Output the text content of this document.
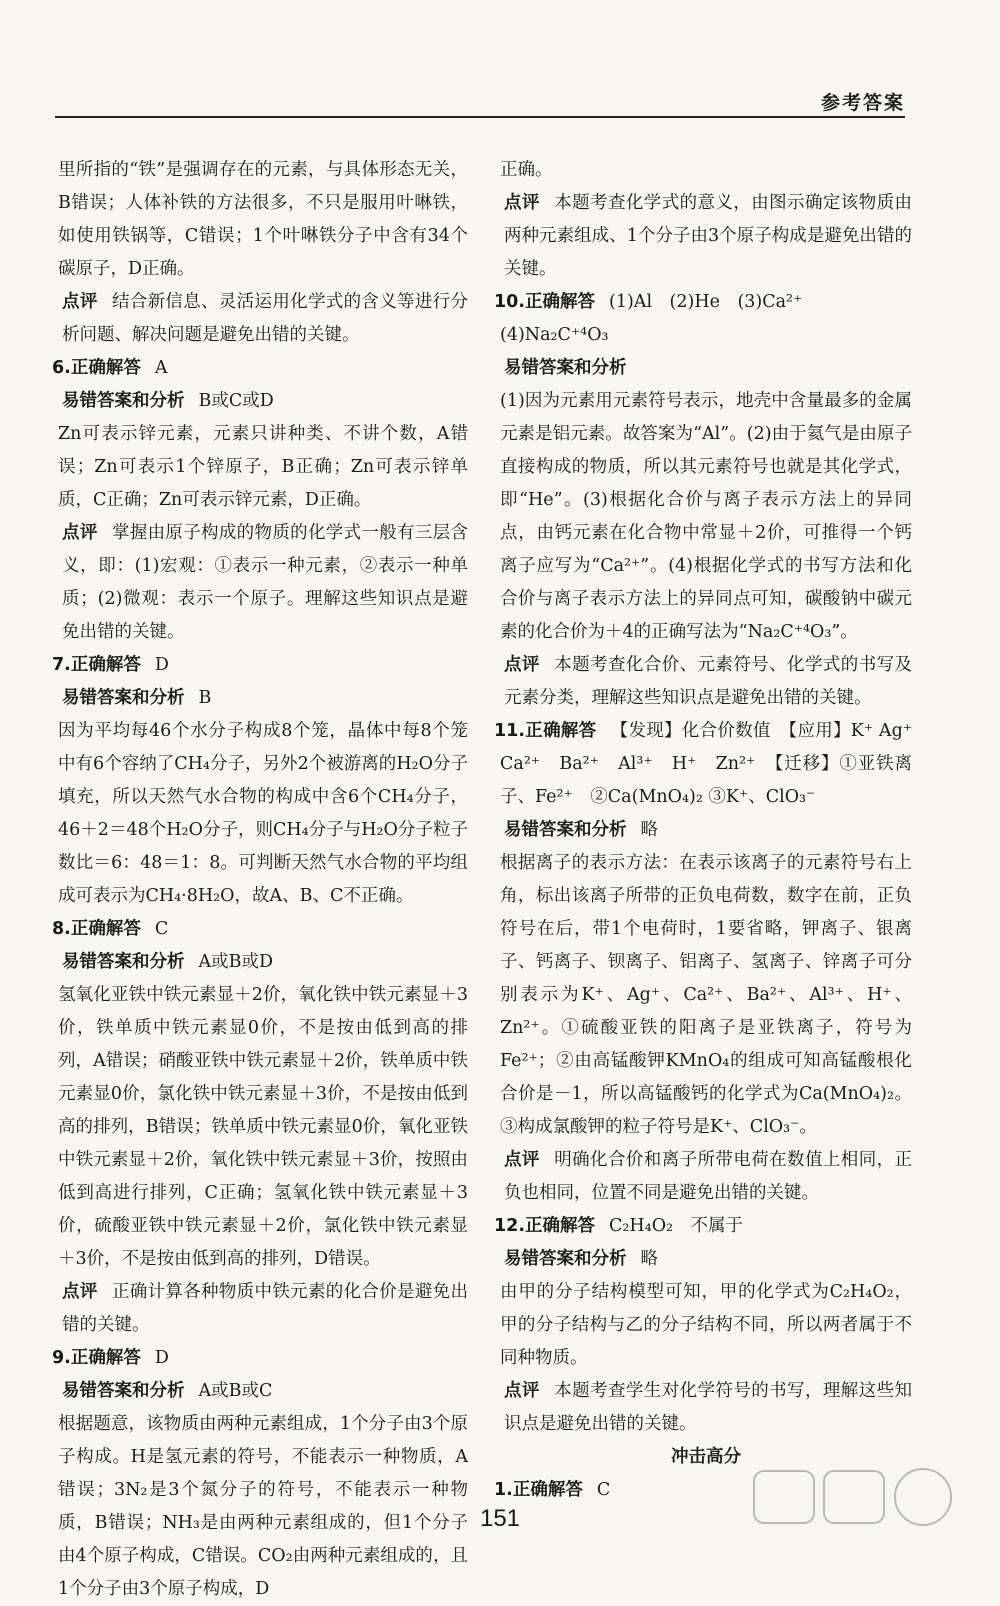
参考答案

里所指的“铁”是强调存在的元素，与具体形态无关，B错误；人体补铁的方法很多，不只是服用叶啉铁，如使用铁锅等，C错误；1个叶啉铁分子中含有34个碳原子，D正确。

点评 结合新信息、灵活运用化学式的含义等进行分析问题、解决问题是避免出错的关键。

6.正确解答 A

易错答案和分析 B或C或D

Zn可表示锌元素，元素只讲种类、不讲个数，A错误；Zn可表示1个锌原子，B正确；Zn可表示锌单质，C正确；Zn可表示锌元素，D正确。

点评 掌握由原子构成的物质的化学式一般有三层含义，即：(1)宏观：①表示一种元素，②表示一种单质；(2)微观：表示一个原子。理解这些知识点是避免出错的关键。

7.正确解答 D

易错答案和分析 B

因为平均每46个水分子构成8个笼，晶体中每8个笼中有6个容纳了CH₄分子，另外2个被游离的H₂O分子填充，所以天然气水合物的构成中含6个CH₄分子，46＋2＝48个H₂O分子，则CH₄分子与H₂O分子粒子数比＝6：48＝1：8。可判断天然气水合物的平均组成可表示为CH₄·8H₂O，故A、B、C不正确。

8.正确解答 C

易错答案和分析 A或B或D

氢氧化亚铁中铁元素显＋2价，氧化铁中铁元素显＋3价，铁单质中铁元素显0价，不是按由低到高的排列，A错误；硝酸亚铁中铁元素显＋2价，铁单质中铁元素显0价，氯化铁中铁元素显＋3价，不是按由低到高的排列，B错误；铁单质中铁元素显0价，氧化亚铁中铁元素显＋2价，氧化铁中铁元素显＋3价，按照由低到高进行排列，C正确；氢氧化铁中铁元素显＋3价，硫酸亚铁中铁元素显＋2价，氯化铁中铁元素显＋3价，不是按由低到高的排列，D错误。

点评 正确计算各种物质中铁元素的化合价是避免出错的关键。

9.正确解答 D

易错答案和分析 A或B或C

根据题意，该物质由两种元素组成，1个分子由3个原子构成。H是氢元素的符号，不能表示一种物质，A错误；3N₂是3个氮分子的符号，不能表示一种物质，B错误；NH₃是由两种元素组成的，但1个分子由4个原子构成，C错误。CO₂由两种元素组成的，且1个分子由3个原子构成，D

正确。

点评 本题考查化学式的意义，由图示确定该物质由两种元素组成、1个分子由3个原子构成是避免出错的关键。

10.正确解答 (1)Al　(2)He　(3)Ca²⁺

(4)Na₂C⁺⁴O₃

易错答案和分析

(1)因为元素用元素符号表示，地壳中含量最多的金属元素是铝元素。故答案为“Al”。(2)由于氦气是由原子直接构成的物质，所以其元素符号也就是其化学式，即“He”。(3)根据化合价与离子表示方法上的异同点，由钙元素在化合物中常显＋2价，可推得一个钙离子应写为“Ca²⁺”。(4)根据化学式的书写方法和化合价与离子表示方法上的异同点可知，碳酸钠中碳元素的化合价为＋4的正确写法为“Na₂C⁺⁴O₃”。

点评 本题考查化合价、元素符号、化学式的书写及元素分类，理解这些知识点是避免出错的关键。

11.正确解答 【发现】化合价数值　【应用】K⁺ Ag⁺　Ca²⁺　Ba²⁺　Al³⁺　H⁺　Zn²⁺　【迁移】①亚铁离子、Fe²⁺　②Ca(MnO₄)₂ ③K⁺、ClO₃⁻

易错答案和分析 略

根据离子的表示方法：在表示该离子的元素符号右上角，标出该离子所带的正负电荷数，数字在前，正负符号在后，带1个电荷时，1要省略，钾离子、银离子、钙离子、钡离子、铝离子、氢离子、锌离子可分别表示为K⁺、Ag⁺、Ca²⁺、Ba²⁺、Al³⁺、H⁺、Zn²⁺。①硫酸亚铁的阳离子是亚铁离子，符号为Fe²⁺；②由高锰酸钾KMnO₄的组成可知高锰酸根化合价是－1，所以高锰酸钙的化学式为Ca(MnO₄)₂。③构成氯酸钾的粒子符号是K⁺、ClO₃⁻。

点评 明确化合价和离子所带电荷在数值上相同，正负也相同，位置不同是避免出错的关键。

12.正确解答 C₂H₄O₂　不属于

易错答案和分析 略

由甲的分子结构模型可知，甲的化学式为C₂H₄O₂，甲的分子结构与乙的分子结构不同，所以两者属于不同种物质。

点评 本题考查学生对化学符号的书写，理解这些知识点是避免出错的关键。

冲击高分

1.正确解答 C

151
